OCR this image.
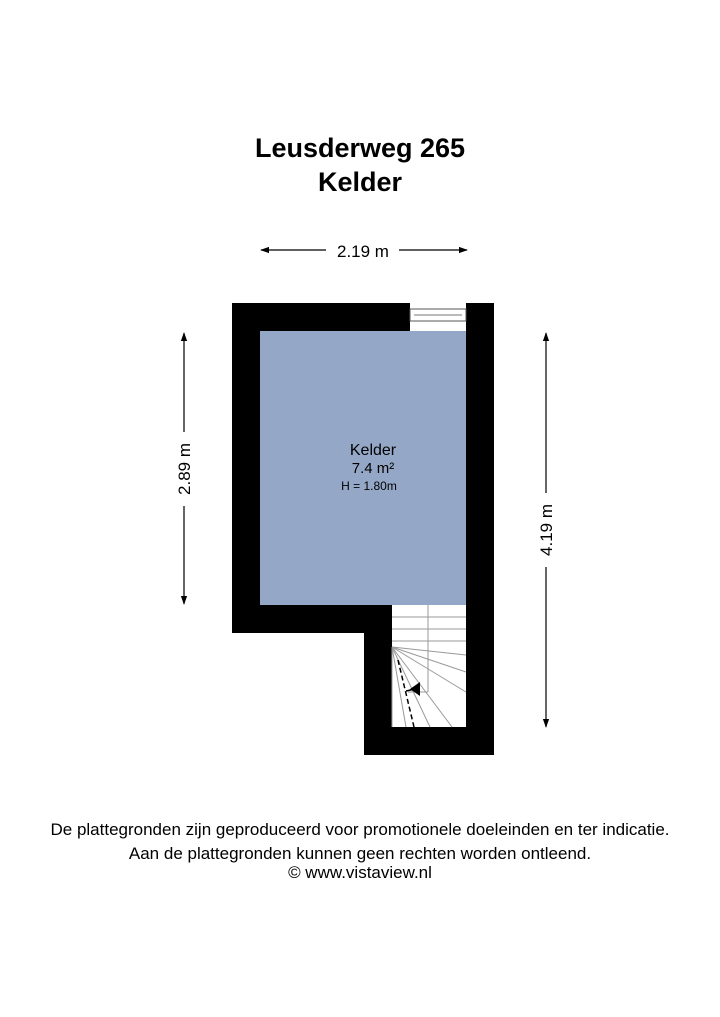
Leusderweg 265
Kelder
2.19 m
2.89 m
4.19 m
Kelder
7.4 m²
H = 1.80m
De plattegronden zijn geproduceerd voor promotionele doeleinden en ter indicatie.
Aan de plattegronden kunnen geen rechten worden ontleend.
© www.vistaview.nl
